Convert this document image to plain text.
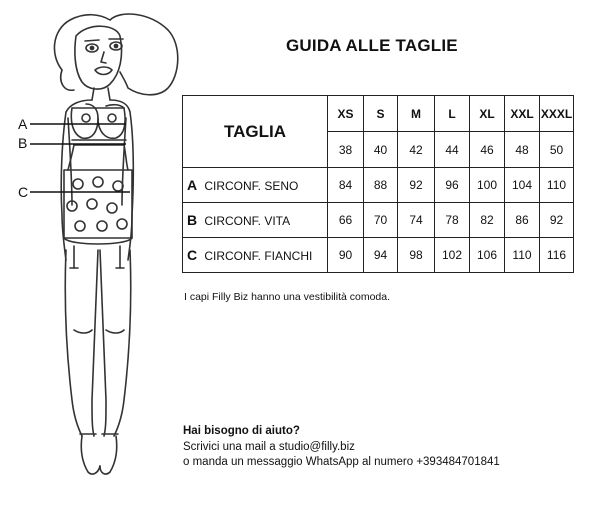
A
B
C
GUIDA ALLE TAGLIE
TAGLIA	XS	S	M	L	XL	XXL	XXXL
	38	40	42	44	46	48	50
A CIRCONF. SENO	84	88	92	96	100	104	110
B CIRCONF. VITA	66	70	74	78	82	86	92
C CIRCONF. FIANCHI	90	94	98	102	106	110	116
I capi Filly Biz hanno una vestibilità comoda.
Hai bisogno di aiuto?
Scrivici una mail a studio@filly.biz
o manda un messaggio WhatsApp al numero +393484701841
